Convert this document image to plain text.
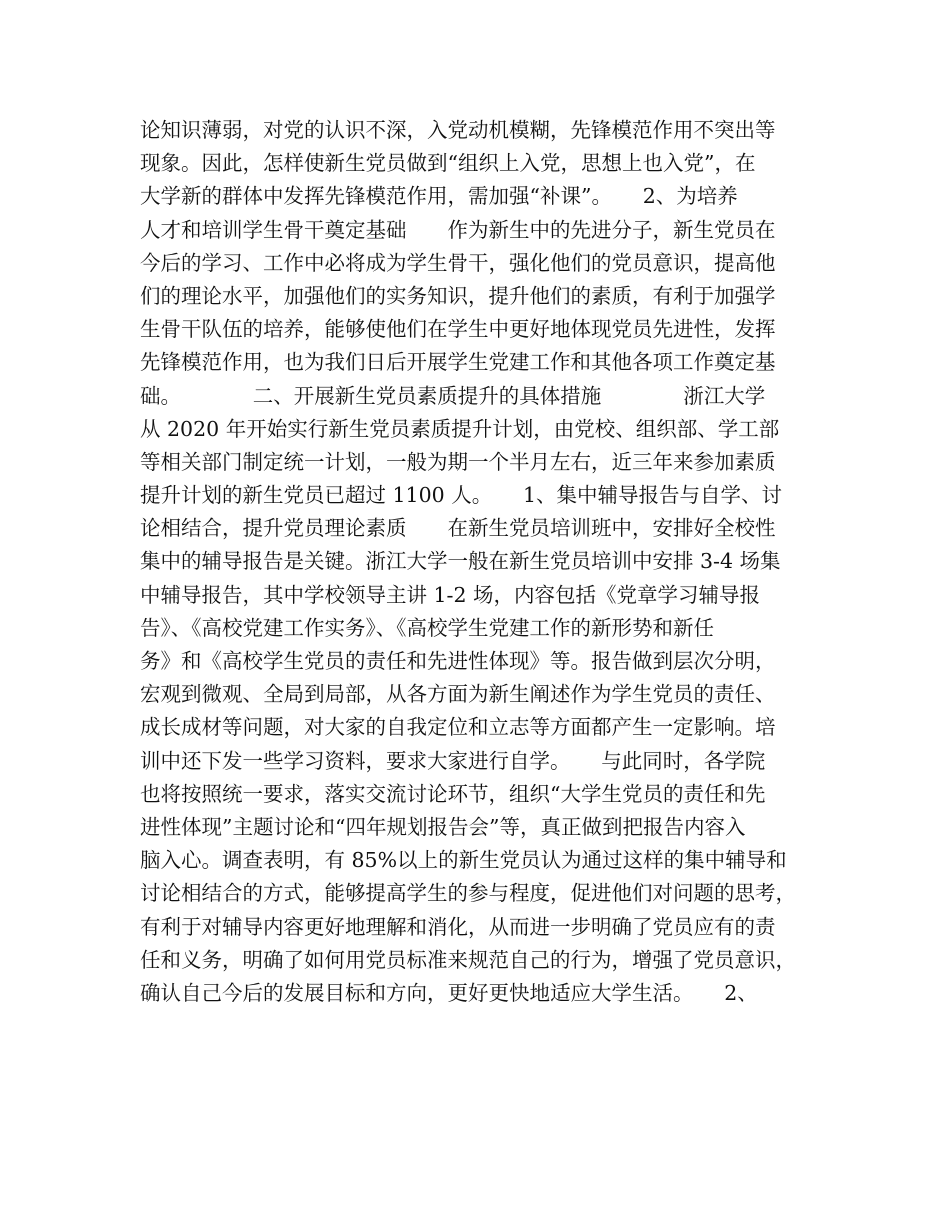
论知识薄弱，对党的认识不深，入党动机模糊，先锋模范作用不突出等
现象。因此，怎样使新生党员做到“组织上入党，思想上也入党”，在
大学新的群体中发挥先锋模范作用，需加强“补课”。　　2、为培养
人才和培训学生骨干奠定基础　　作为新生中的先进分子，新生党员在
今后的学习、工作中必将成为学生骨干，强化他们的党员意识，提高他
们的理论水平，加强他们的实务知识，提升他们的素质，有利于加强学
生骨干队伍的培养，能够使他们在学生中更好地体现党员先进性，发挥
先锋模范作用，也为我们日后开展学生党建工作和其他各项工作奠定基
础。　　　　二、开展新生党员素质提升的具体措施　　　　浙江大学
从 2020 年开始实行新生党员素质提升计划，由党校、组织部、学工部
等相关部门制定统一计划，一般为期一个半月左右，近三年来参加素质
提升计划的新生党员已超过 1100 人。　　1、集中辅导报告与自学、讨
论相结合，提升党员理论素质　　在新生党员培训班中，安排好全校性
集中的辅导报告是关键。浙江大学一般在新生党员培训中安排 3-4 场集
中辅导报告，其中学校领导主讲 1-2 场，内容包括《党章学习辅导报
告》、《高校党建工作实务》、《高校学生党建工作的新形势和新任
务》和《高校学生党员的责任和先进性体现》等。报告做到层次分明，
宏观到微观、全局到局部，从各方面为新生阐述作为学生党员的责任、
成长成材等问题，对大家的自我定位和立志等方面都产生一定影响。培
训中还下发一些学习资料，要求大家进行自学。　　与此同时，各学院
也将按照统一要求，落实交流讨论环节，组织“大学生党员的责任和先
进性体现”主题讨论和“四年规划报告会”等，真正做到把报告内容入
脑入心。调查表明，有 85%以上的新生党员认为通过这样的集中辅导和
讨论相结合的方式，能够提高学生的参与程度，促进他们对问题的思考，
有利于对辅导内容更好地理解和消化，从而进一步明确了党员应有的责
任和义务，明确了如何用党员标准来规范自己的行为，增强了党员意识，
确认自己今后的发展目标和方向，更好更快地适应大学生活。　　2、
